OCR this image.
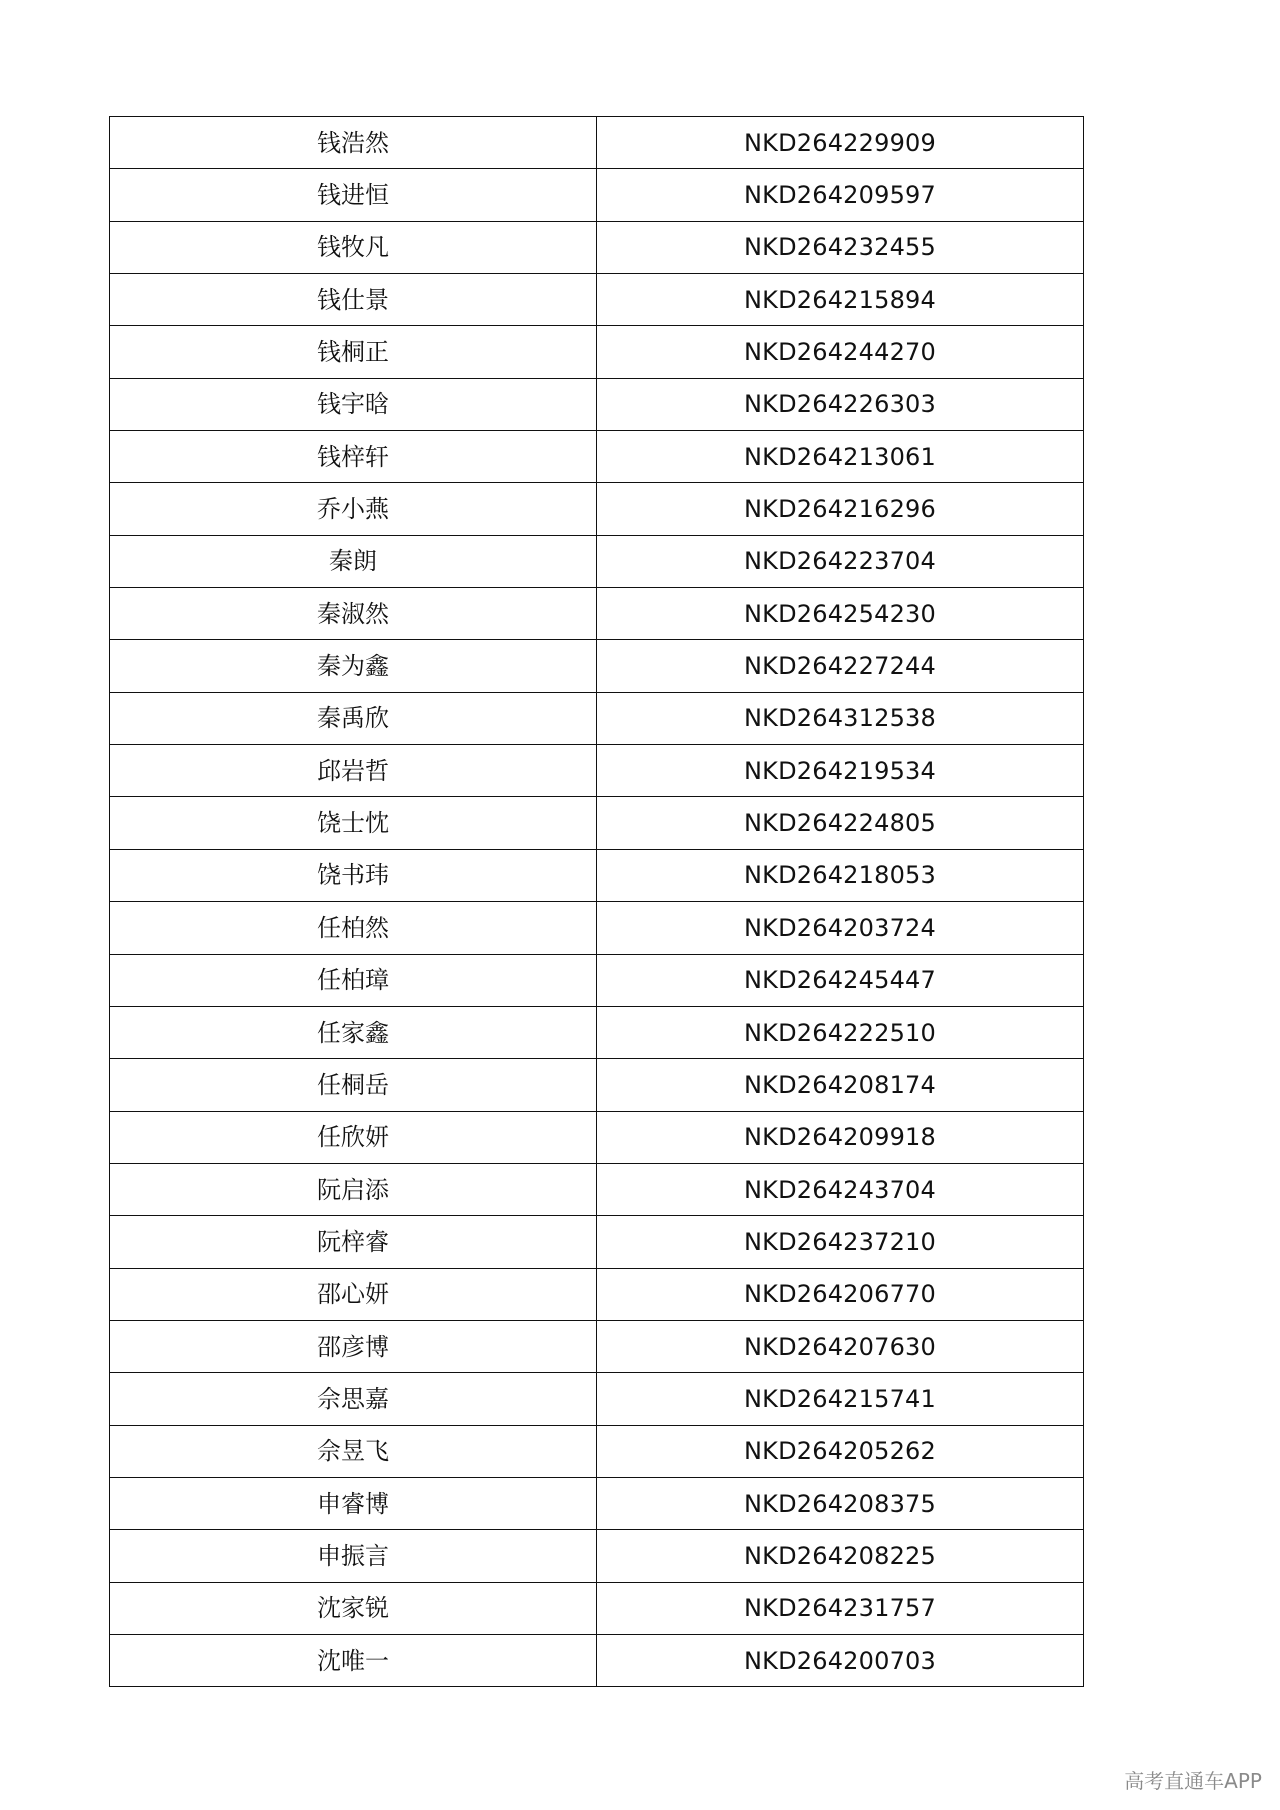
钱浩然	NKD264229909
钱进恒	NKD264209597
钱牧凡	NKD264232455
钱仕景	NKD264215894
钱桐正	NKD264244270
钱宇晗	NKD264226303
钱梓轩	NKD264213061
乔小燕	NKD264216296
秦朗	NKD264223704
秦淑然	NKD264254230
秦为鑫	NKD264227244
秦禹欣	NKD264312538
邱岩哲	NKD264219534
饶士忱	NKD264224805
饶书玮	NKD264218053
任柏然	NKD264203724
任柏璋	NKD264245447
任家鑫	NKD264222510
任桐岳	NKD264208174
任欣妍	NKD264209918
阮启添	NKD264243704
阮梓睿	NKD264237210
邵心妍	NKD264206770
邵彦博	NKD264207630
佘思嘉	NKD264215741
佘昱飞	NKD264205262
申睿博	NKD264208375
申振言	NKD264208225
沈家锐	NKD264231757
沈唯一	NKD264200703
高考直通车APP
